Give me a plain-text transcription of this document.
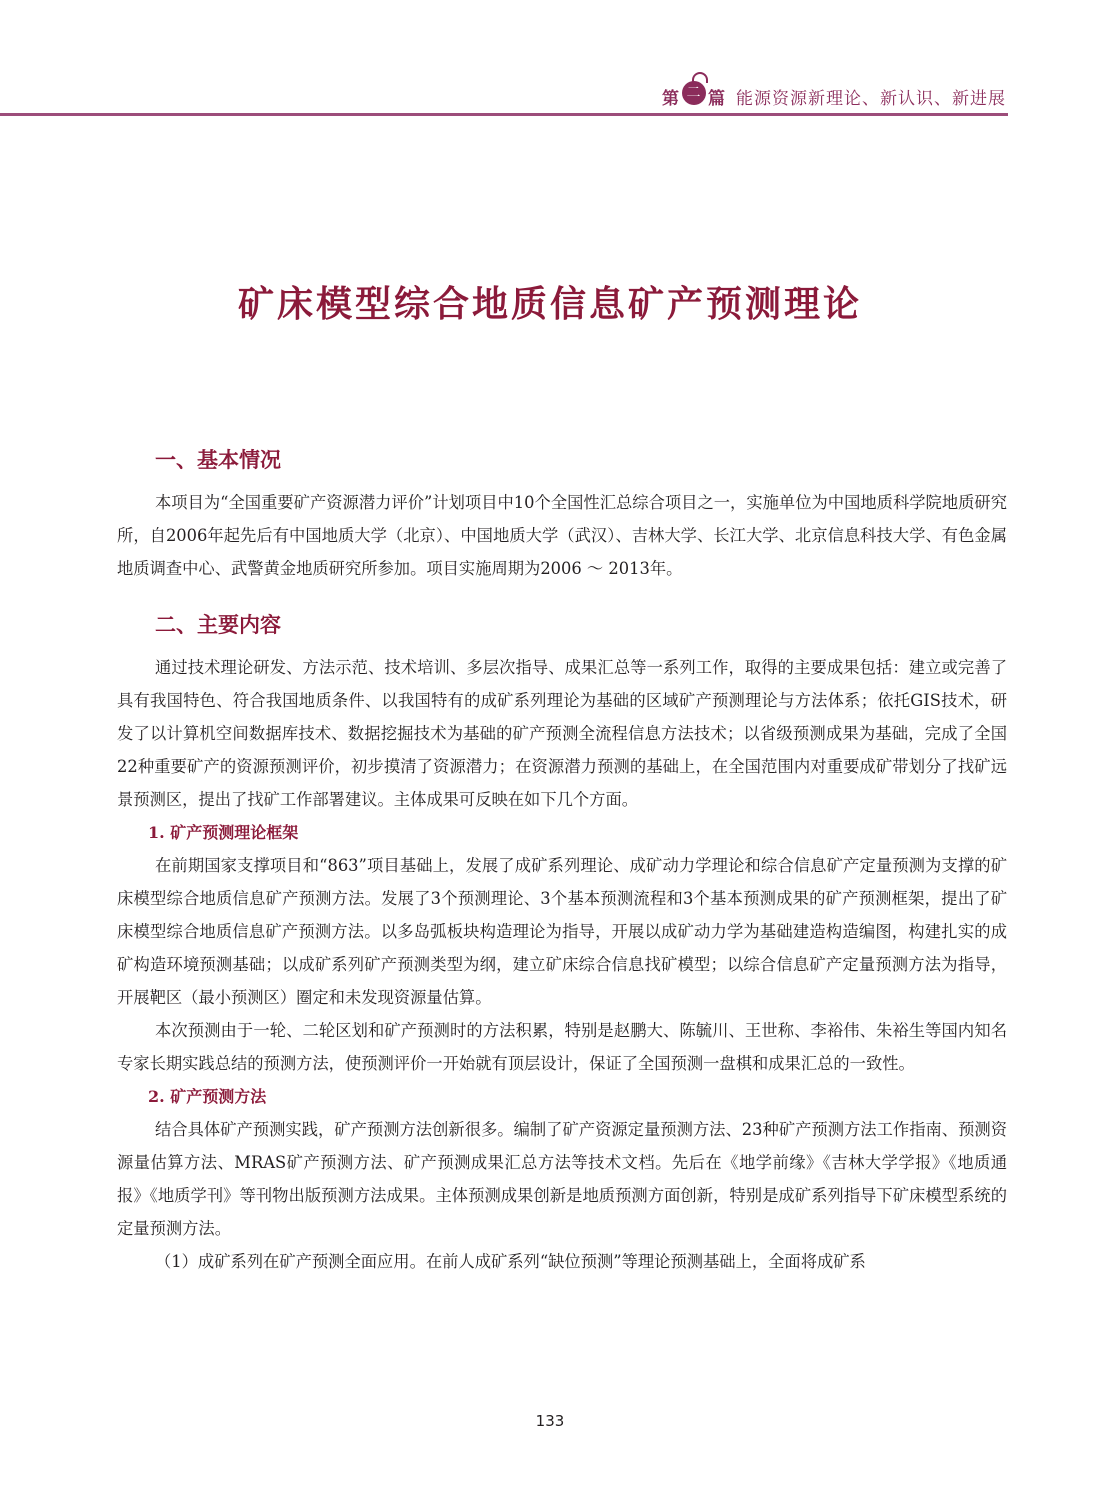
第 二 篇 能源资源新理论、新认识、新进展
矿床模型综合地质信息矿产预测理论
一、基本情况

本项目为“全国重要矿产资源潜力评价”计划项目中10个全国性汇总综合项目之一，实施单位为中国地质科学院地质研究所，自2006年起先后有中国地质大学（北京）、中国地质大学（武汉）、吉林大学、长江大学、北京信息科技大学、有色金属地质调查中心、武警黄金地质研究所参加。项目实施周期为2006 ～ 2013年。

二、主要内容

通过技术理论研发、方法示范、技术培训、多层次指导、成果汇总等一系列工作，取得的主要成果包括：建立或完善了具有我国特色、符合我国地质条件、以我国特有的成矿系列理论为基础的区域矿产预测理论与方法体系；依托GIS技术，研发了以计算机空间数据库技术、数据挖掘技术为基础的矿产预测全流程信息方法技术；以省级预测成果为基础，完成了全国22种重要矿产的资源预测评价，初步摸清了资源潜力；在资源潜力预测的基础上，在全国范围内对重要成矿带划分了找矿远景预测区，提出了找矿工作部署建议。主体成果可反映在如下几个方面。

1. 矿产预测理论框架

在前期国家支撑项目和“863”项目基础上，发展了成矿系列理论、成矿动力学理论和综合信息矿产定量预测为支撑的矿床模型综合地质信息矿产预测方法。发展了3个预测理论、3个基本预测流程和3个基本预测成果的矿产预测框架，提出了矿床模型综合地质信息矿产预测方法。以多岛弧板块构造理论为指导，开展以成矿动力学为基础建造构造编图，构建扎实的成矿构造环境预测基础；以成矿系列矿产预测类型为纲，建立矿床综合信息找矿模型；以综合信息矿产定量预测方法为指导，开展靶区（最小预测区）圈定和未发现资源量估算。

本次预测由于一轮、二轮区划和矿产预测时的方法积累，特别是赵鹏大、陈毓川、王世称、李裕伟、朱裕生等国内知名专家长期实践总结的预测方法，使预测评价一开始就有顶层设计，保证了全国预测一盘棋和成果汇总的一致性。

2. 矿产预测方法

结合具体矿产预测实践，矿产预测方法创新很多。编制了矿产资源定量预测方法、23种矿产预测方法工作指南、预测资源量估算方法、MRAS矿产预测方法、矿产预测成果汇总方法等技术文档。先后在《地学前缘》《吉林大学学报》《地质通报》《地质学刊》等刊物出版预测方法成果。主体预测成果创新是地质预测方面创新，特别是成矿系列指导下矿床模型系统的定量预测方法。

（1）成矿系列在矿产预测全面应用。在前人成矿系列“缺位预测”等理论预测基础上，全面将成矿系

133
